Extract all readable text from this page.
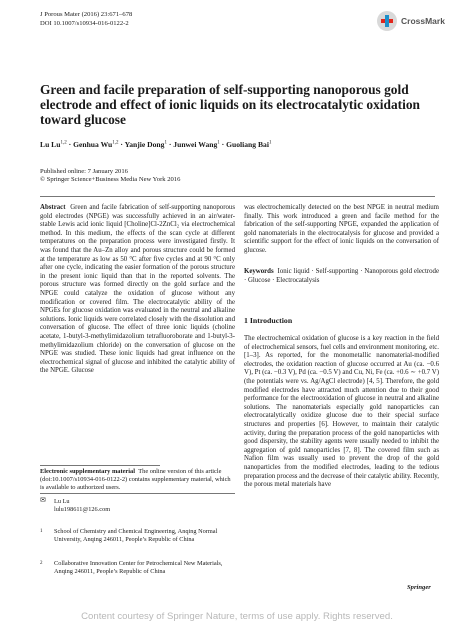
J Porous Mater (2016) 23:671–678
DOI 10.1007/s10934-016-0122-2	CrossMark
Green and facile preparation of self-supporting nanoporous gold electrode and effect of ionic liquids on its electrocatalytic oxidation toward glucose
Lu Lu$^{1,2}$ · Genhua Wu$^{1,2}$ · Yanjie Dong$^1$ · Junwei Wang$^1$ · Guoliang Bai$^1$
Published online: 7 January 2016
© Springer Science+Business Media New York 2016

Abstract Green and facile fabrication of self-supporting nanoporous gold electrodes (NPGE) was successfully achieved in an air/water-stable Lewis acid ionic liquid [Choline]Cl-2ZnCl₂ via electrochemical method. In this medium, the effects of the scan cycle at different temperatures on the preparation process were investigated firstly. It was found that the Au–Zn alloy and porous structure could be formed at the temperature as low as 50 °C after five cycles and at 90 °C only after one cycle, indicating the easier formation of the porous structure in the present ionic liquid than that in the reported solvents. The porous structure was formed directly on the gold surface and the NPGE could catalyze the oxidation of glucose without any modification or covered film. The electrocatalytic ability of the NPGEs for glucose oxidation was evaluated in the neutral and alkaline solutions. Ionic liquids were correlated closely with the dissolution and conversation of glucose. The effect of three ionic liquids (choline acetate, 1-butyl-3-methylimidazolium tetrafluoroborate and 1-butyl-3-methylimidazolium chloride) on the conversation of glucose on the NPGE was studied. These ionic liquids had great influence on the electrochemical signal of glucose and inhibited the catalytic ability of the NPGE. Glucose

Electronic supplementary material The online version of this article (doi:10.1007/s10934-016-0122-2) contains supplementary material, which is available to authorized users.
✉ Lu Lu
lulu198611@126.com
1 School of Chemistry and Chemical Engineering, Anqing Normal University, Anqing 246011, People’s Republic of China
2 Collaborative Innovation Center for Petrochemical New Materials, Anqing 246011, People’s Republic of China

was electrochemically detected on the best NPGE in neutral medium finally. This work introduced a green and facile method for the fabrication of the self-supporting NPGE, expanded the application of gold nanomaterials in the electrocatalysis for glucose and provided a scientific support for the effect of ionic liquids on the conversation of glucose.

Keywords Ionic liquid · Self-supporting · Nanoporous gold electrode · Glucose · Electrocatalysis

1 Introduction

The electrochemical oxidation of glucose is a key reaction in the field of electrochemical sensors, fuel cells and environment monitoring, etc. [1–3]. As reported, for the monometallic nanomaterial-modified electrodes, the oxidation reaction of glucose occurred at Au (ca. −0.6 V), Pt (ca. −0.3 V), Pd (ca. −0.5 V) and Cu, Ni, Fe (ca. +0.6 ∼ +0.7 V) (the potentials were vs. Ag/AgCl electrode) [4, 5]. Therefore, the gold modified electrodes have attracted much attention due to their good performance for the electrooxidation of glucose in neutral and alkaline solutions. The nanomaterials especially gold nanoparticles can electrocatalytically oxidize glucose due to their special surface structures and properties [6]. However, to maintain their catalytic activity, during the preparation process of the gold nanoparticles with good dispersity, the stability agents were usually needed to inhibit the aggregation of gold nanoparticles [7, 8]. The covered film such as Nafion film was usually used to prevent the drop of the gold nanoparticles from the modified electrodes, leading to the tedious preparation process and the decrease of their catalytic ability. Recently, the porous metal materials have

Springer
Content courtesy of Springer Nature, terms of use apply. Rights reserved.
